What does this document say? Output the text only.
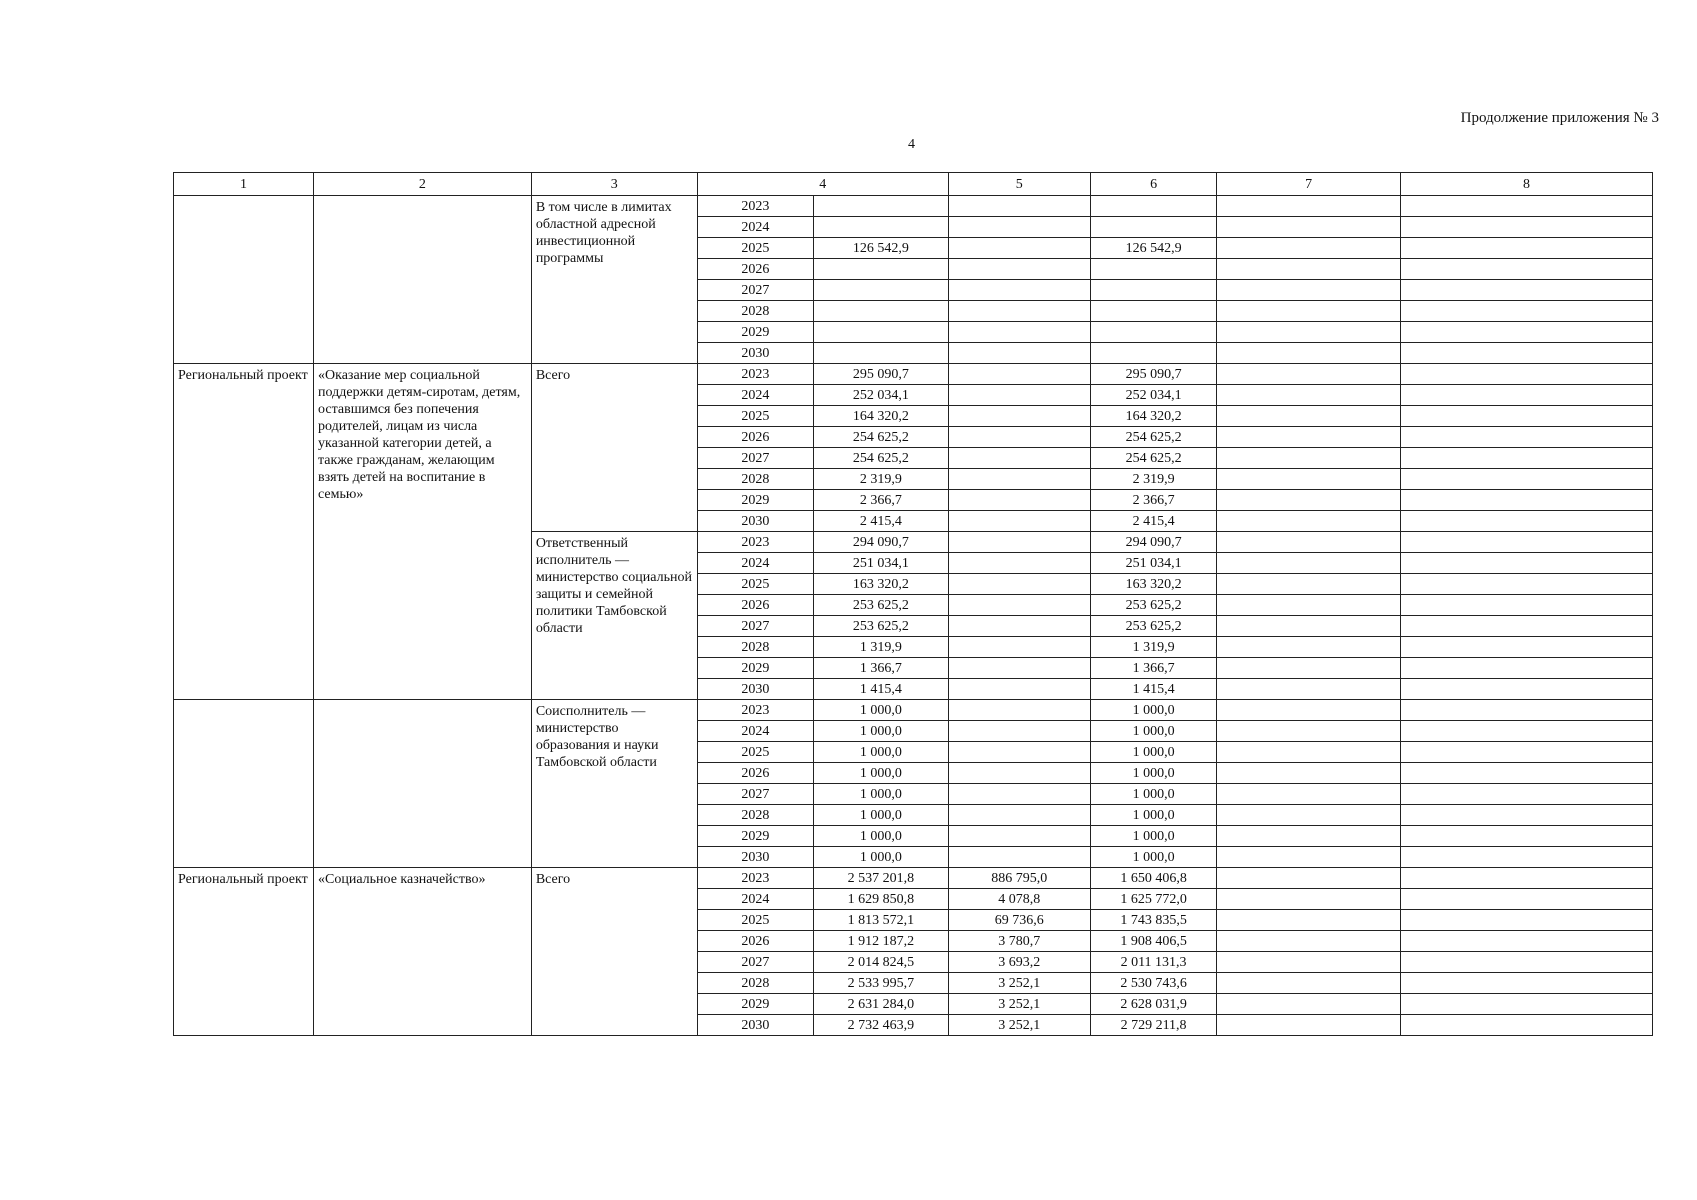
Продолжение приложения № 3
4
1	2	3	4		5	6	7	8
		В том числе в лимитах областной адресной инвестиционной программы	2023					
			2024					
			2025	126 542,9		126 542,9		
			2026					
			2027					
			2028					
			2029					
			2030					
Региональный проект	«Оказание мер социальной поддержки детям-сиротам, детям, оставшимся без попечения родителей, лицам из числа указанной категории детей, а также гражданам, желающим взять детей на воспитание в семью»	Всего	2023	295 090,7		295 090,7		
			2024	252 034,1		252 034,1		
			2025	164 320,2		164 320,2		
			2026	254 625,2		254 625,2		
			2027	254 625,2		254 625,2		
			2028	2 319,9		2 319,9		
			2029	2 366,7		2 366,7		
			2030	2 415,4		2 415,4		
		Ответственный исполнитель — министерство социальной защиты и семейной политики Тамбовской области	2023	294 090,7		294 090,7		
			2024	251 034,1		251 034,1		
			2025	163 320,2		163 320,2		
			2026	253 625,2		253 625,2		
			2027	253 625,2		253 625,2		
			2028	1 319,9		1 319,9		
			2029	1 366,7		1 366,7		
			2030	1 415,4		1 415,4		
		Соисполнитель — министерство образования и науки Тамбовской области	2023	1 000,0		1 000,0		
			2024	1 000,0		1 000,0		
			2025	1 000,0		1 000,0		
			2026	1 000,0		1 000,0		
			2027	1 000,0		1 000,0		
			2028	1 000,0		1 000,0		
			2029	1 000,0		1 000,0		
			2030	1 000,0		1 000,0		
Региональный проект	«Социальное казначейство»	Всего	2023	2 537 201,8	886 795,0	1 650 406,8		
			2024	1 629 850,8	4 078,8	1 625 772,0		
			2025	1 813 572,1	69 736,6	1 743 835,5		
			2026	1 912 187,2	3 780,7	1 908 406,5		
			2027	2 014 824,5	3 693,2	2 011 131,3		
			2028	2 533 995,7	3 252,1	2 530 743,6		
			2029	2 631 284,0	3 252,1	2 628 031,9		
			2030	2 732 463,9	3 252,1	2 729 211,8		
